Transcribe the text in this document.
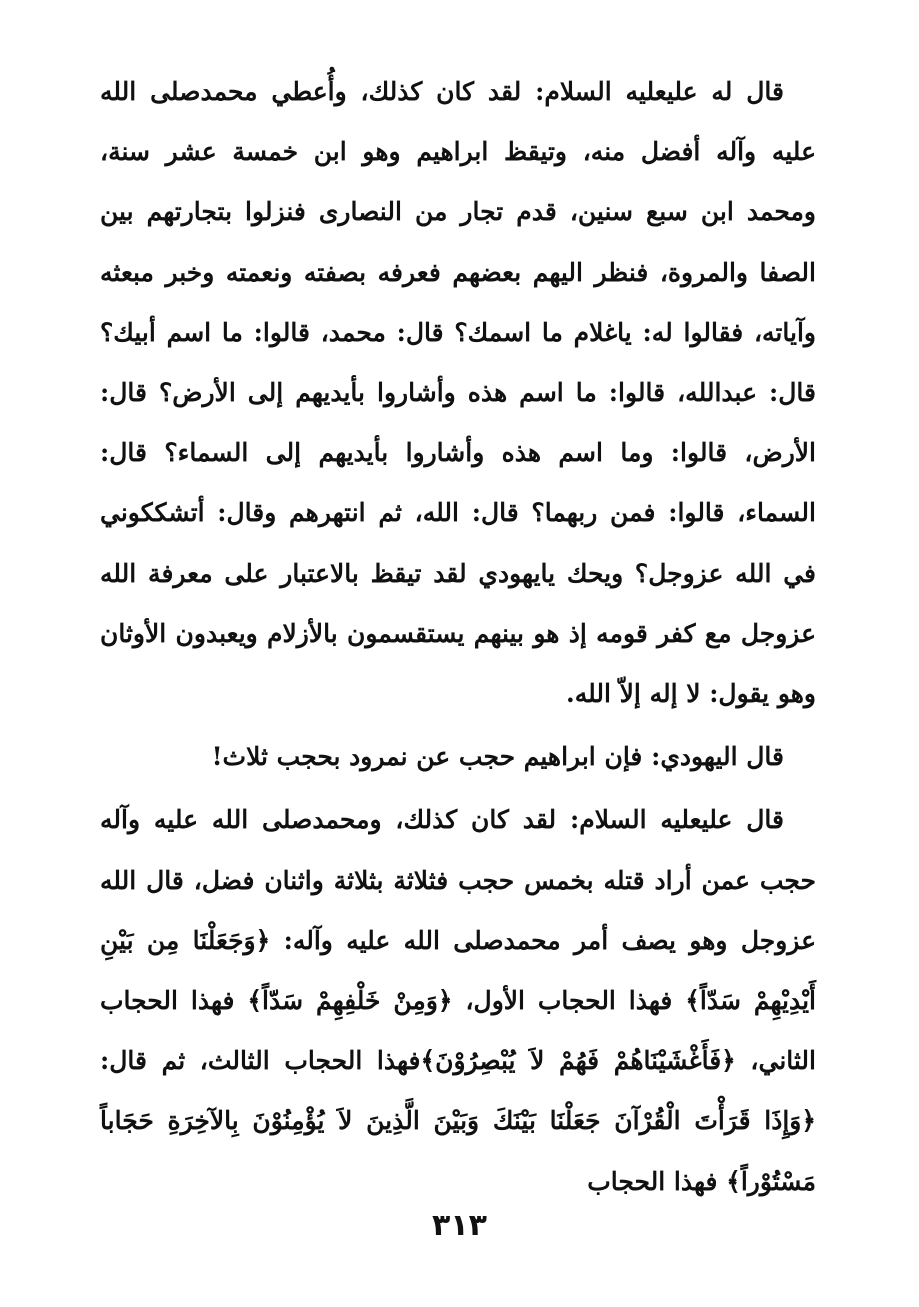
قال له عليعليه السلام: لقد كان كذلك، وأُعطي محمدصلى الله عليه وآله أفضل منه، وتيقظ ابراهيم وهو ابن خمسة عشر سنة، ومحمد ابن سبع سنين، قدم تجار من النصارى فنزلوا بتجارتهم بين الصفا والمروة، فنظر اليهم بعضهم فعرفه بصفته ونعمته وخبر مبعثه وآياته، فقالوا له: ياغلام ما اسمك؟ قال: محمد، قالوا: ما اسم أبيك؟ قال: عبدالله، قالوا: ما اسم هذه وأشاروا بأيديهم إلى الأرض؟ قال: الأرض، قالوا: وما اسم هذه وأشاروا بأيديهم إلى السماء؟ قال: السماء، قالوا: فمن ربهما؟ قال: الله، ثم انتهرهم وقال: أتشككوني في الله عزوجل؟ ويحك يايهودي لقد تيقظ بالاعتبار على معرفة الله عزوجل مع كفر قومه إذ هو بينهم يستقسمون بالأزلام ويعبدون الأوثان وهو يقول: لا إله إلاّ الله.

قال اليهودي: فإن ابراهيم حجب عن نمرود بحجب ثلاث!

قال عليعليه السلام: لقد كان كذلك، ومحمدصلى الله عليه وآله حجب عمن أراد قتله بخمس حجب فثلاثة بثلاثة واثنان فضل، قال الله عزوجل وهو يصف أمر محمدصلى الله عليه وآله: ﴿وَجَعَلْنَا مِن بَيْنِ أَيْدِيْهِمْ سَدّاً﴾ فهذا الحجاب الأول، ﴿وَمِنْ خَلْفِهِمْ سَدّاً﴾ فهذا الحجاب الثاني، ﴿فَأَغْشَيْنَاهُمْ فَهُمْ لاَ يُبْصِرُوْنَ﴾فهذا الحجاب الثالث، ثم قال: ﴿وَإِذَا قَرَأْتَ الْقُرْآنَ جَعَلْنَا بَيْنَكَ وَبَيْنَ الَّذِينَ لاَ يُؤْمِنُوْنَ بِالآخِرَةِ حَجَاباً مَسْتُوْراً﴾ فهذا الحجاب

٣١٣
